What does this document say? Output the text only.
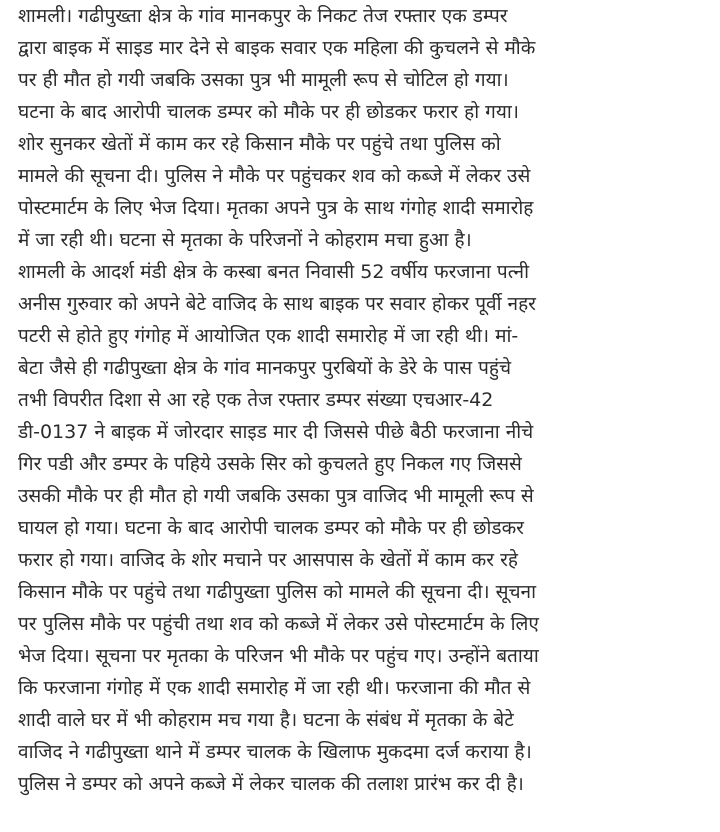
शामली। गढीपुख्ता क्षेत्र के गांव मानकपुर के निकट तेज रफ्तार एक डम्पर
द्वारा बाइक में साइड मार देने से बाइक सवार एक महिला की कुचलने से मौके
पर ही मौत हो गयी जबकि उसका पुत्र भी मामूली रूप से चोटिल हो गया।
घटना के बाद आरोपी चालक डम्पर को मौके पर ही छोडकर फरार हो गया।
शोर सुनकर खेतों में काम कर रहे किसान मौके पर पहुंचे तथा पुलिस को
मामले की सूचना दी। पुलिस ने मौके पर पहुंचकर शव को कब्जे में लेकर उसे
पोस्टमार्टम के लिए भेज दिया। मृतका अपने पुत्र के साथ गंगोह शादी समारोह
में जा रही थी। घटना से मृतका के परिजनों ने कोहराम मचा हुआ है।
शामली के आदर्श मंडी क्षेत्र के कस्बा बनत निवासी 52 वर्षीय फरजाना पत्नी
अनीस गुरुवार को अपने बेटे वाजिद के साथ बाइक पर सवार होकर पूर्वी नहर
पटरी से होते हुए गंगोह में आयोजित एक शादी समारोह में जा रही थी। मां-
बेटा जैसे ही गढीपुख्ता क्षेत्र के गांव मानकपुर पुरबियों के डेरे के पास पहुंचे
तभी विपरीत दिशा से आ रहे एक तेज रफ्तार डम्पर संख्या एचआर-42
डी-0137 ने बाइक में जोरदार साइड मार दी जिससे पीछे बैठी फरजाना नीचे
गिर पडी और डम्पर के पहिये उसके सिर को कुचलते हुए निकल गए जिससे
उसकी मौके पर ही मौत हो गयी जबकि उसका पुत्र वाजिद भी मामूली रूप से
घायल हो गया। घटना के बाद आरोपी चालक डम्पर को मौके पर ही छोडकर
फरार हो गया। वाजिद के शोर मचाने पर आसपास के खेतों में काम कर रहे
किसान मौके पर पहुंचे तथा गढीपुख्ता पुलिस को मामले की सूचना दी। सूचना
पर पुलिस मौके पर पहुंची तथा शव को कब्जे में लेकर उसे पोस्टमार्टम के लिए
भेज दिया। सूचना पर मृतका के परिजन भी मौके पर पहुंच गए। उन्होंने बताया
कि फरजाना गंगोह में एक शादी समारोह में जा रही थी। फरजाना की मौत से
शादी वाले घर में भी कोहराम मच गया है। घटना के संबंध में मृतका के बेटे
वाजिद ने गढीपुख्ता थाने में डम्पर चालक के खिलाफ मुकदमा दर्ज कराया है।
पुलिस ने डम्पर को अपने कब्जे में लेकर चालक की तलाश प्रारंभ कर दी है।
